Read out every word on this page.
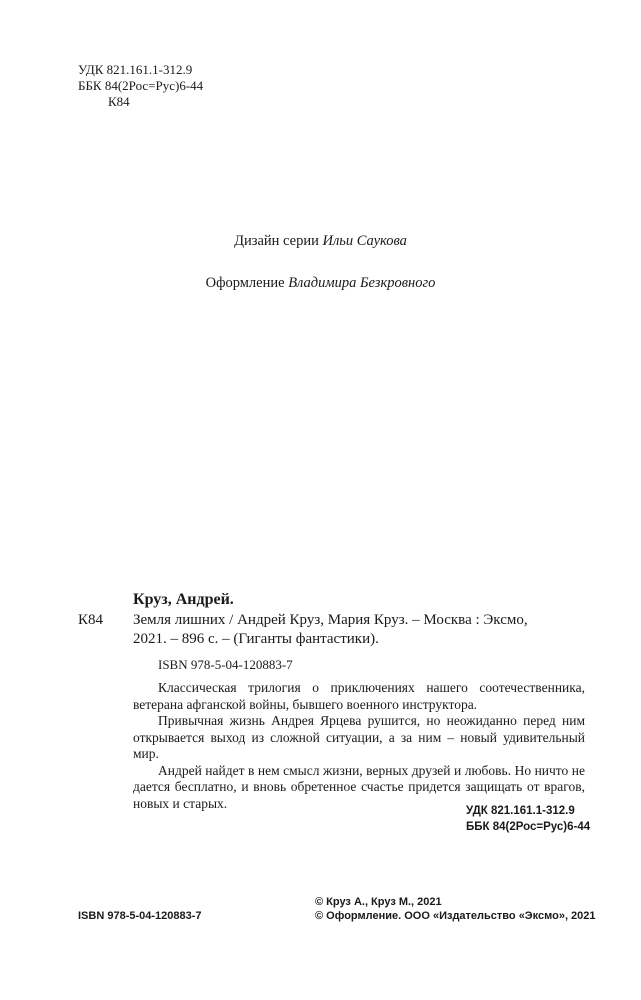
УДК 821.161.1-312.9
ББК 84(2Рос=Рус)6-44
К84
Дизайн серии Ильи Саукова
Оформление Владимира Безкровного
Круз, Андрей.
К84 Земля лишних / Андрей Круз, Мария Круз. – Москва : Эксмо,
2021. – 896 с. – (Гиганты фантастики).
ISBN 978-5-04-120883-7

Классическая трилогия о приключениях нашего соотечественника, ветерана афганской войны, бывшего военного инструктора.

Привычная жизнь Андрея Ярцева рушится, но неожиданно перед ним открывается выход из сложной ситуации, а за ним – новый удивительный мир.

Андрей найдет в нем смысл жизни, верных друзей и любовь. Но ничто не дается бесплатно, и вновь обретенное счастье придется защищать от врагов, новых и старых.

УДК 821.161.1-312.9
ББК 84(2Рос=Рус)6-44
ISBN 978-5-04-120883-7
© Круз А., Круз М., 2021
© Оформление. ООО «Издательство «Эксмо», 2021
